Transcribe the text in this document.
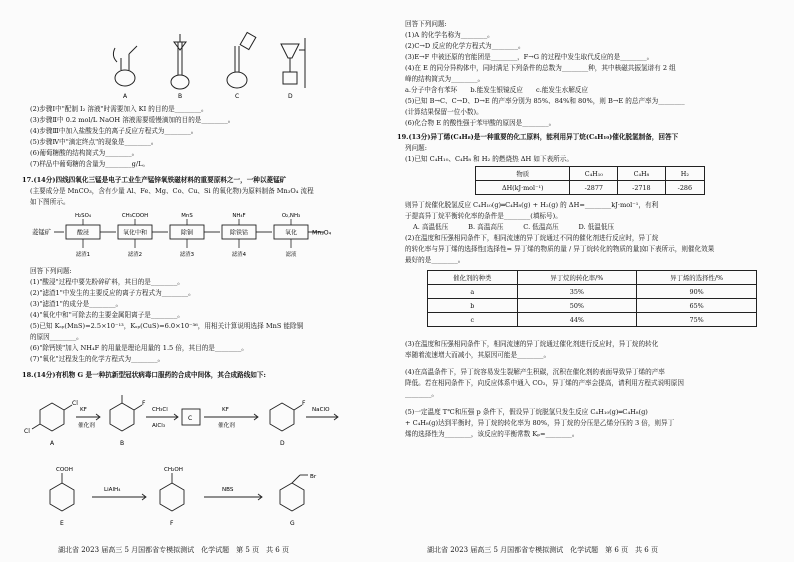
A	B	C	D
(2)步骤Ⅰ中"配制 I₂ 溶液"时需要加入 KI 的目的是________。
(3)步骤Ⅱ中 0.2 mol/L NaOH 溶液需要缓慢滴加的目的是________。
(4)步骤Ⅲ中加入盐酸发生的离子反应方程式为________。
(5)步骤Ⅳ中"滴定终点"的现象是________。
(6)葡萄糖酸的结构简式为________。
(7)样品中葡萄糖的含量为________g/L。
17.(14分)四线四氧化三锰是电子工业生产锰锌氧铁磁材料的重要原料之一，一种以菱锰矿
(主要成分是 MnCO₃，含有少量 Al、Fe、Mg、Co、Cu、Si 的氧化物)为原料制备 Mn₃O₄ 流程
如下图所示。
菱锰矿	酸浸
H₂SO₄
滤渣1
氧化中和
CH₃COOH
滤渣2
除铜
MnS
滤渣3
除铁钴
NH₄F
滤渣4
氧化
O₂,NH₃
滤液
Mn₃O₄
回答下列问题:
(1)"酸浸"过程中要先粉碎矿料，其目的是________。
(2)"滤渣1"中发生的主要反应的离子方程式为________。
(3)"滤渣1"的成分是________。
(4)"氧化中和"可除去的主要金属阳离子是________。
(5)已知 Kₛₚ(MnS)=2.5×10⁻¹³，Kₛₚ(CuS)=6.0×10⁻³⁶，用相关计算说明选择 MnS 能除铜
的原因________。
(6)"除钙镁"加入 NH₄F 的用量是理论用量的 1.5 倍，其目的是________。
(7)"氧化"过程发生的化学方程式为________。
18.(14分)有机物 G 是一种抗新型冠状病毒口服药的合成中间体，其合成路线如下:
Cl
Cl
F	F
KF
催化剂
CH₃Cl
AlCl₃
C
KF
催化剂
NaClO
A	B	D
COOH	CH₂OH
Br
LiAlH₄	NBS
E	F	G
湖北省 2023 届高三 5 月国都省专模拟测试　化学试题　第 5 页　共 6 页
回答下列问题:
(1)A 的化学名称为________。
(2)C→D 反应的化学方程式为________。
(3)E→F 中被还原的官能团是________，F→G 的过程中发生取代反应的是________。
(4)在 E 的同分异构体中，同时满足下列条件的总数为________种，其中核磁共振氢谱有 2 组
峰的结构简式为________。
a.分子中含有苯环　　b.能发生银镜反应　　c.能发生水解反应
(5)已知 B→C、C→D、D→E 的产率分别为 85%、84%和 80%，则 B→E 的总产率为________
(计算结果保留一位小数)。
(6)化合物 E 的酸性强于苯甲酸的原因是________。
19.(13分)异丁烯(C₄H₈)是一种重要的化工原料，能利用异丁烷(C₄H₁₀)催化脱氢制备，回答下
列问题:
(1)已知 C₄H₁₀、C₄H₈ 和 H₂ 的燃烧热 ΔH 如下表所示。
物质	C₄H₁₀	C₄H₈	H₂
ΔH(kJ·mol⁻¹)	-2877	-2718	-286
则异丁烷催化脱氢反应 C₄H₁₀(g)═C₄H₈(g) + H₂(g) 的 ΔH=________kJ·mol⁻¹，有利
于提高异丁烷平衡转化率的条件是________(填标号)。
A. 高温低压　　　B. 高温高压　　　C. 低温高压　　　D. 低温低压
(2)在温度和压强相同条件下，相同流速的异丁烷通过不同的催化剂进行反应时，异丁烷
的转化率与异丁烯的选择性[选择性= 异丁烯的物质的量 / 异丁烷转化的物质的量]如下表所示，则催化效果
最好的是________。
催化剂的种类	异丁烷的转化率/%	异丁烯的选择性/%
a	35%	90%
b	50%	65%
c	44%	75%
(3)在温度和压强相同条件下，相同流速的异丁烷通过催化剂进行反应时，异丁烷的转化
率随着流速增大而减小，其原因可能是________。
(4)在高温条件下，异丁烷容易发生裂解产生积碳，沉积在催化剂的表面导致异丁烯的产率
降低。若在相同条件下，向反应体系中通入 CO₂，异丁烯的产率会提高，请利用方程式说明原因
________。
(5)一定温度 T℃和压强 p 条件下，假设异丁烷脱氢只发生反应 C₄H₁₀(g)═C₄H₈(g)
+ C₄H₈(g)达到平衡时，异丁烷的转化率为 80%，异丁烷的分压是乙烯分压的 3 倍，则异丁
烯的选择性为________，该反应的平衡常数 Kₚ=________。
湖北省 2023 届高三 5 月国都省专模拟测试　化学试题　第 6 页　共 6 页
